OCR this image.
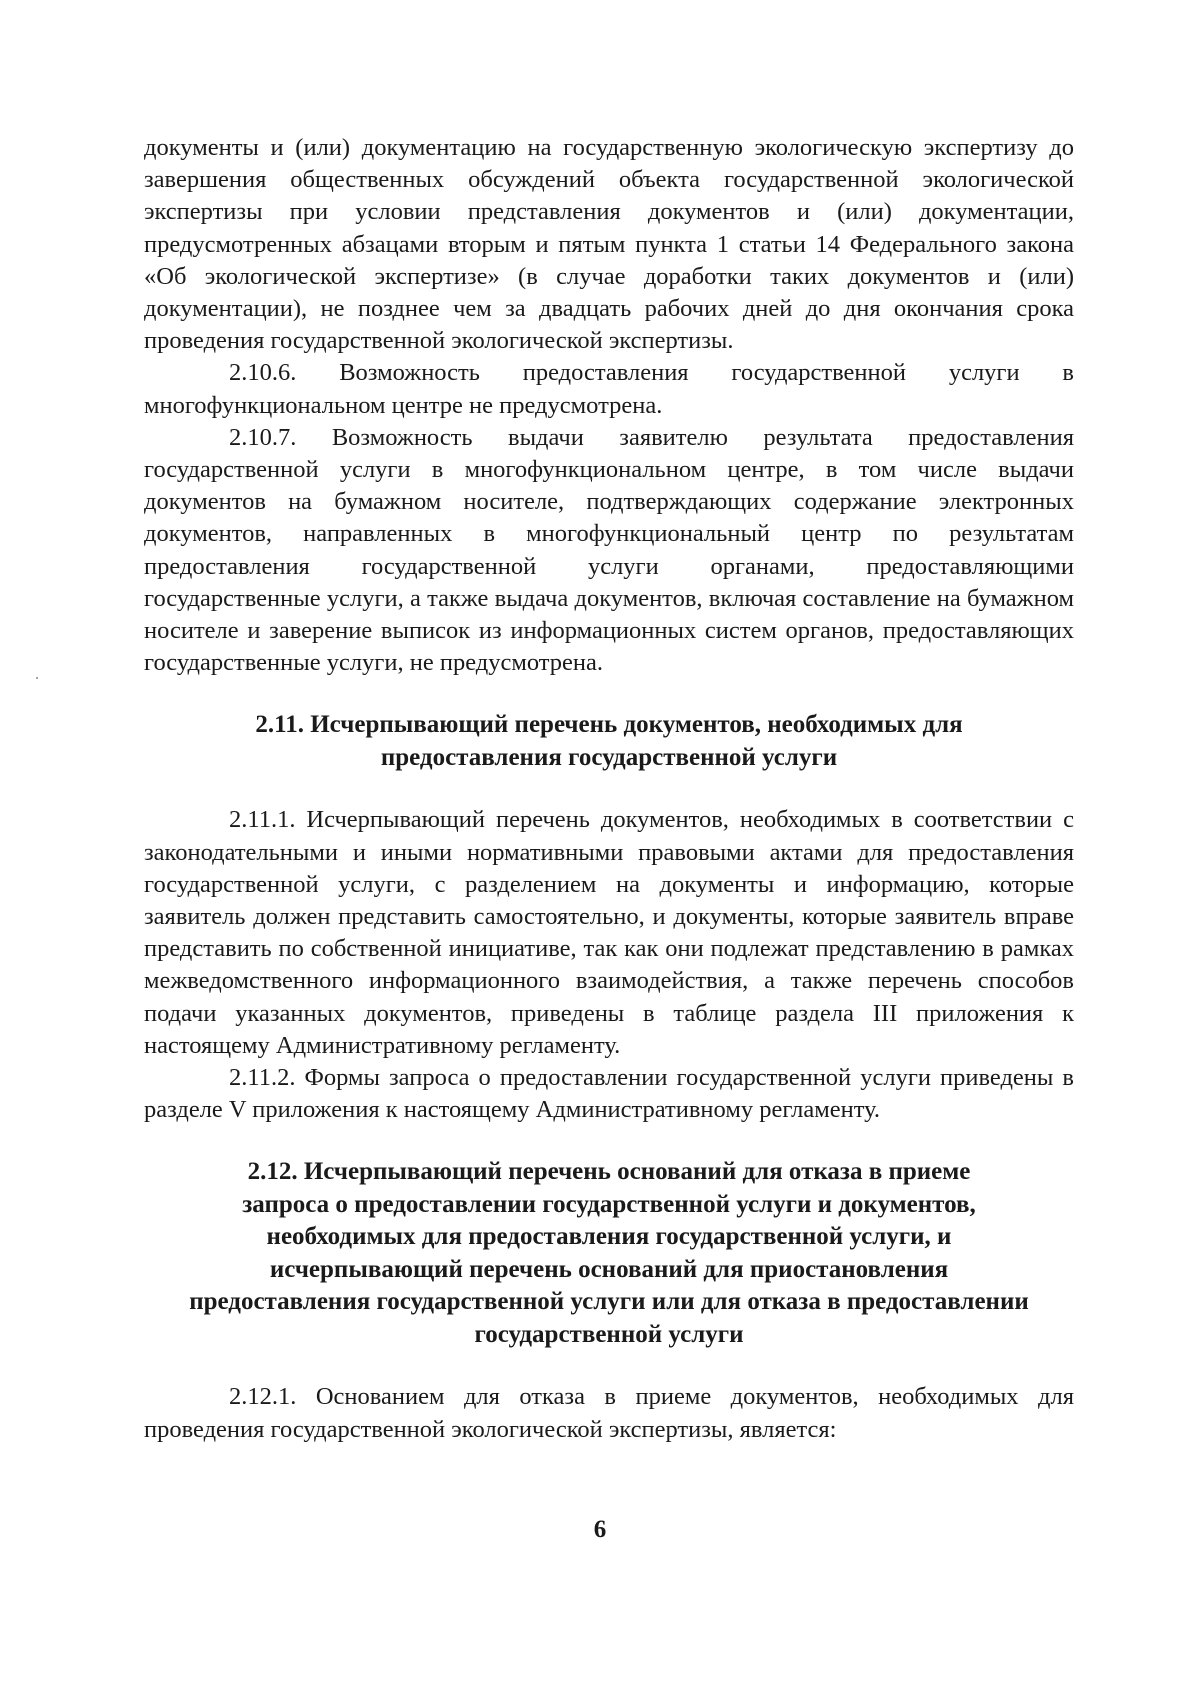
документы и (или) документацию на государственную экологическую экспертизу до завершения общественных обсуждений объекта государственной экологической экспертизы при условии представления документов и (или) документации, предусмотренных абзацами вторым и пятым пункта 1 статьи 14 Федерального закона «Об экологической экспертизе» (в случае доработки таких документов и (или) документации), не позднее чем за двадцать рабочих дней до дня окончания срока проведения государственной экологической экспертизы.

2.10.6. Возможность предоставления государственной услуги в многофункциональном центре не предусмотрена.

2.10.7. Возможность выдачи заявителю результата предоставления государственной услуги в многофункциональном центре, в том числе выдачи документов на бумажном носителе, подтверждающих содержание электронных документов, направленных в многофункциональный центр по результатам предоставления государственной услуги органами, предоставляющими государственные услуги, а также выдача документов, включая составление на бумажном носителе и заверение выписок из информационных систем органов, предоставляющих государственные услуги, не предусмотрена.

2.11. Исчерпывающий перечень документов, необходимых для
предоставления государственной услуги

2.11.1. Исчерпывающий перечень документов, необходимых в соответствии с законодательными и иными нормативными правовыми актами для предоставления государственной услуги, с разделением на документы и информацию, которые заявитель должен представить самостоятельно, и документы, которые заявитель вправе представить по собственной инициативе, так как они подлежат представлению в рамках межведомственного информационного взаимодействия, а также перечень способов подачи указанных документов, приведены в таблице раздела III приложения к настоящему Административному регламенту.

2.11.2. Формы запроса о предоставлении государственной услуги приведены в разделе V приложения к настоящему Административному регламенту.

2.12. Исчерпывающий перечень оснований для отказа в приеме
запроса о предоставлении государственной услуги и документов,
необходимых для предоставления государственной услуги, и
исчерпывающий перечень оснований для приостановления
предоставления государственной услуги или для отказа в предоставлении
государственной услуги

2.12.1. Основанием для отказа в приеме документов, необходимых для проведения государственной экологической экспертизы, является:

6
